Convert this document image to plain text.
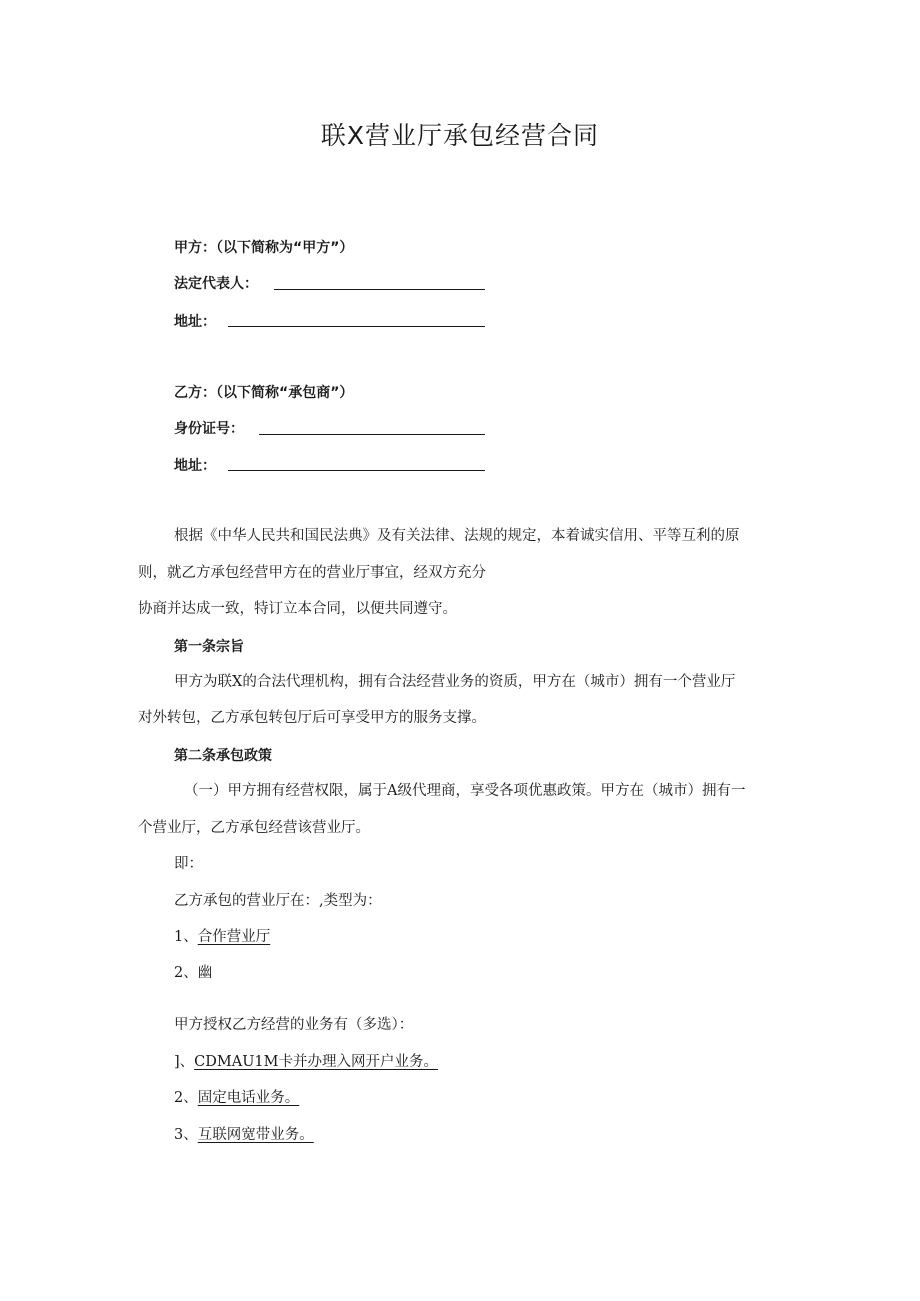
联X营业厅承包经营合同
甲方：（以下简称为“甲方”）
法定代表人：
地址：
乙方：（以下简称“承包商”）
身份证号：
地址：
根据《中华人民共和国民法典》及有关法律、法规的规定，本着诚实信用、平等互利的原
则，就乙方承包经营甲方在的营业厅事宜，经双方充分
协商并达成一致，特订立本合同，以便共同遵守。
第一条宗旨
甲方为联X的合法代理机构，拥有合法经营业务的资质，甲方在（城市）拥有一个营业厅
对外转包，乙方承包转包厅后可享受甲方的服务支撑。
第二条承包政策
（一）甲方拥有经营权限，属于A级代理商，享受各项优惠政策。甲方在（城市）拥有一
个营业厅，乙方承包经营该营业厅。
即：
乙方承包的营业厅在：,类型为：
1、合作营业厅
2、幽
甲方授权乙方经营的业务有（多选）：
]、CDMAU1M卡并办理入网开户业务。
2、固定电话业务。
3、互联网宽带业务。
